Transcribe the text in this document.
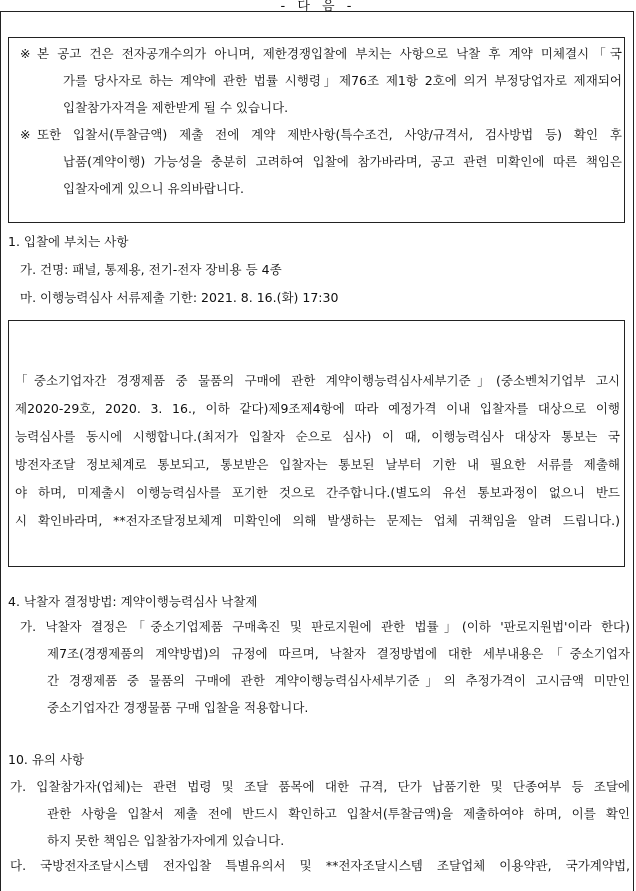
- 다 음 -
※ 본 공고 건은 전자공개수의가 아니며, 제한경쟁입찰에 부치는 사항으로 낙찰 후 계약 미체결시「국
가를 당사자로 하는 계약에 관한 법률 시행령」제76조 제1항 2호에 의거 부정당업자로 제재되어
입찰참가자격을 제한받게 될 수 있습니다.
※ 또한 입찰서(투찰금액) 제출 전에 계약 제반사항(특수조건, 사양/규격서, 검사방법 등) 확인 후
납품(계약이행) 가능성을 충분히 고려하여 입찰에 참가바라며, 공고 관련 미확인에 따른 책임은
입찰자에게 있으니 유의바랍니다.
1. 입찰에 부치는 사항
가. 건명: 패널, 통제용, 전기-전자 장비용 등 4종
마. 이행능력심사 서류제출 기한: 2021. 8. 16.(화) 17:30
「중소기업자간 경쟁제품 중 물품의 구매에 관한 계약이행능력심사세부기준」(중소벤처기업부 고시
제2020-29호, 2020. 3. 16., 이하 같다)제9조제4항에 따라 예정가격 이내 입찰자를 대상으로 이행
능력심사를 동시에 시행합니다.(최저가 입찰자 순으로 심사) 이 때, 이행능력심사 대상자 통보는 국
방전자조달 정보체계로 통보되고, 통보받은 입찰자는 통보된 날부터 기한 내 필요한 서류를 제출해
야 하며, 미제출시 이행능력심사를 포기한 것으로 간주합니다.(별도의 유선 통보과정이 없으니 반드
시 확인바라며, **전자조달정보체계 미확인에 의해 발생하는 문제는 업체 귀책임을 알려 드립니다.)
4. 낙찰자 결정방법: 계약이행능력심사 낙찰제
가. 낙찰자 결정은「중소기업제품 구매촉진 및 판로지원에 관한 법률」(이하 '판로지원법'이라 한다)
제7조(경쟁제품의 계약방법)의 규정에 따르며, 낙찰자 결정방법에 대한 세부내용은「중소기업자
간 경쟁제품 중 물품의 구매에 관한 계약이행능력심사세부기준」의 추정가격이 고시금액 미만인
중소기업자간 경쟁물품 구매 입찰을 적용합니다.
10. 유의 사항
가. 입찰참가자(업체)는 관련 법령 및 조달 품목에 대한 규격, 단가 납품기한 및 단종여부 등 조달에
관한 사항을 입찰서 제출 전에 반드시 확인하고 입찰서(투찰금액)을 제출하여야 하며, 이를 확인
하지 못한 책임은 입찰참가자에게 있습니다.
다. 국방전자조달시스템 전자입찰 특별유의서 및 **전자조달시스템 조달업체 이용약관, 국가계약법,
